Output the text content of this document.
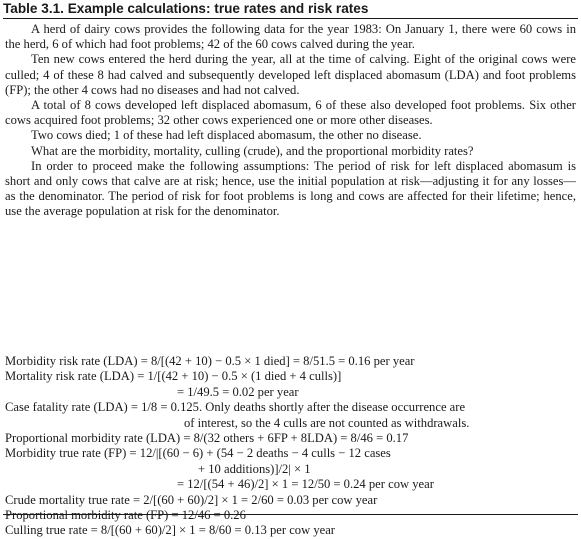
Table 3.1. Example calculations: true rates and risk rates

A herd of dairy cows provides the following data for the year 1983: On January 1, there were 60 cows in the herd, 6 of which had foot problems; 42 of the 60 cows calved during the year.

Ten new cows entered the herd during the year, all at the time of calving. Eight of the original cows were culled; 4 of these 8 had calved and subsequently developed left displaced abomasum (LDA) and foot problems (FP); the other 4 cows had no diseases and had not calved.

A total of 8 cows developed left displaced abomasum, 6 of these also developed foot problems. Six other cows acquired foot problems; 32 other cows experienced one or more other diseases.

Two cows died; 1 of these had left displaced abomasum, the other no disease.

What are the morbidity, mortality, culling (crude), and the proportional morbidity rates?

In order to proceed make the following assumptions: The period of risk for left displaced abomasum is short and only cows that calve are at risk; hence, use the initial population at risk—adjusting it for any losses—as the denominator. The period of risk for foot problems is long and cows are affected for their lifetime; hence, use the average population at risk for the denominator.

Morbidity risk rate (LDA) = 8/[(42 + 10) − 0.5 × 1 died] = 8/51.5 = 0.16 per year
Mortality risk rate (LDA) = 1/[(42 + 10) − 0.5 × (1 died + 4 culls)]
= 1/49.5 = 0.02 per year
Case fatality rate (LDA) = 1/8 = 0.125. Only deaths shortly after the disease occurrence are
of interest, so the 4 culls are not counted as withdrawals.
Proportional morbidity rate (LDA) = 8/(32 others + 6FP + 8LDA) = 8/46 = 0.17
Morbidity true rate (FP) = 12/|[(60 − 6) + (54 − 2 deaths − 4 culls − 12 cases
+ 10 additions)]/2| × 1
= 12/[(54 + 46)/2] × 1 = 12/50 = 0.24 per cow year
Crude mortality true rate = 2/[(60 + 60)/2] × 1 = 2/60 = 0.03 per cow year
Proportional morbidity rate (FP) = 12/46 = 0.26
Culling true rate = 8/[(60 + 60)/2] × 1 = 8/60 = 0.13 per cow year
